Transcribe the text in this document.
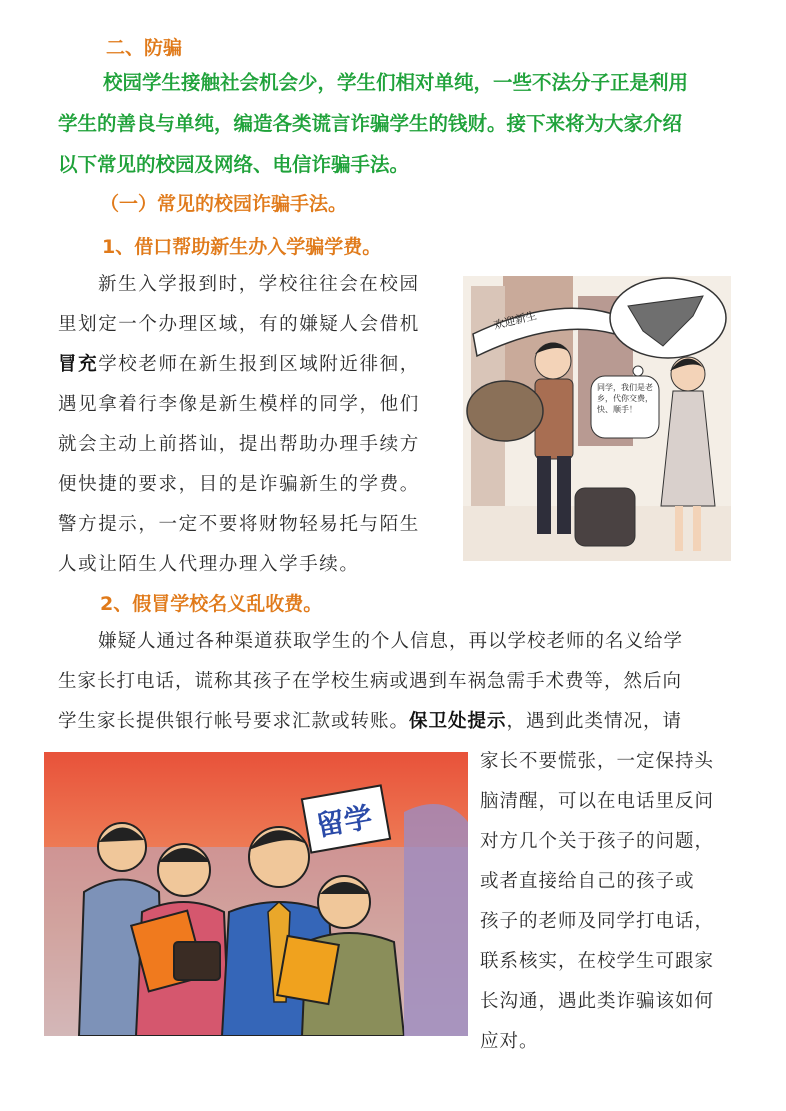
二、防骗
校园学生接触社会机会少，学生们相对单纯，一些不法分子正是利用
学生的善良与单纯，编造各类谎言诈骗学生的钱财。接下来将为大家介绍
以下常见的校园及网络、电信诈骗手法。
（一）常见的校园诈骗手法。
1、借口帮助新生办入学骗学费。
新生入学报到时，学校往往会在校园
里划定一个办理区域，有的嫌疑人会借机
冒充学校老师在新生报到区域附近徘徊，
遇见拿着行李像是新生模样的同学，他们
就会主动上前搭讪，提出帮助办理手续方
便快捷的要求，目的是诈骗新生的学费。
警方提示，一定不要将财物轻易托与陌生
人或让陌生人代理办理入学手续。
欢迎新生
同学，我们是老乡，代你交费，快、顺手！
2、假冒学校名义乱收费。
嫌疑人通过各种渠道获取学生的个人信息，再以学校老师的名义给学
生家长打电话，谎称其孩子在学校生病或遇到车祸急需手术费等，然后向
学生家长提供银行帐号要求汇款或转账。保卫处提示，遇到此类情况，请
家长不要慌张，一定保持头
脑清醒，可以在电话里反问
对方几个关于孩子的问题，
或者直接给自己的孩子或
孩子的老师及同学打电话，
联系核实，在校学生可跟家
长沟通，遇此类诈骗该如何
应对。
留学
